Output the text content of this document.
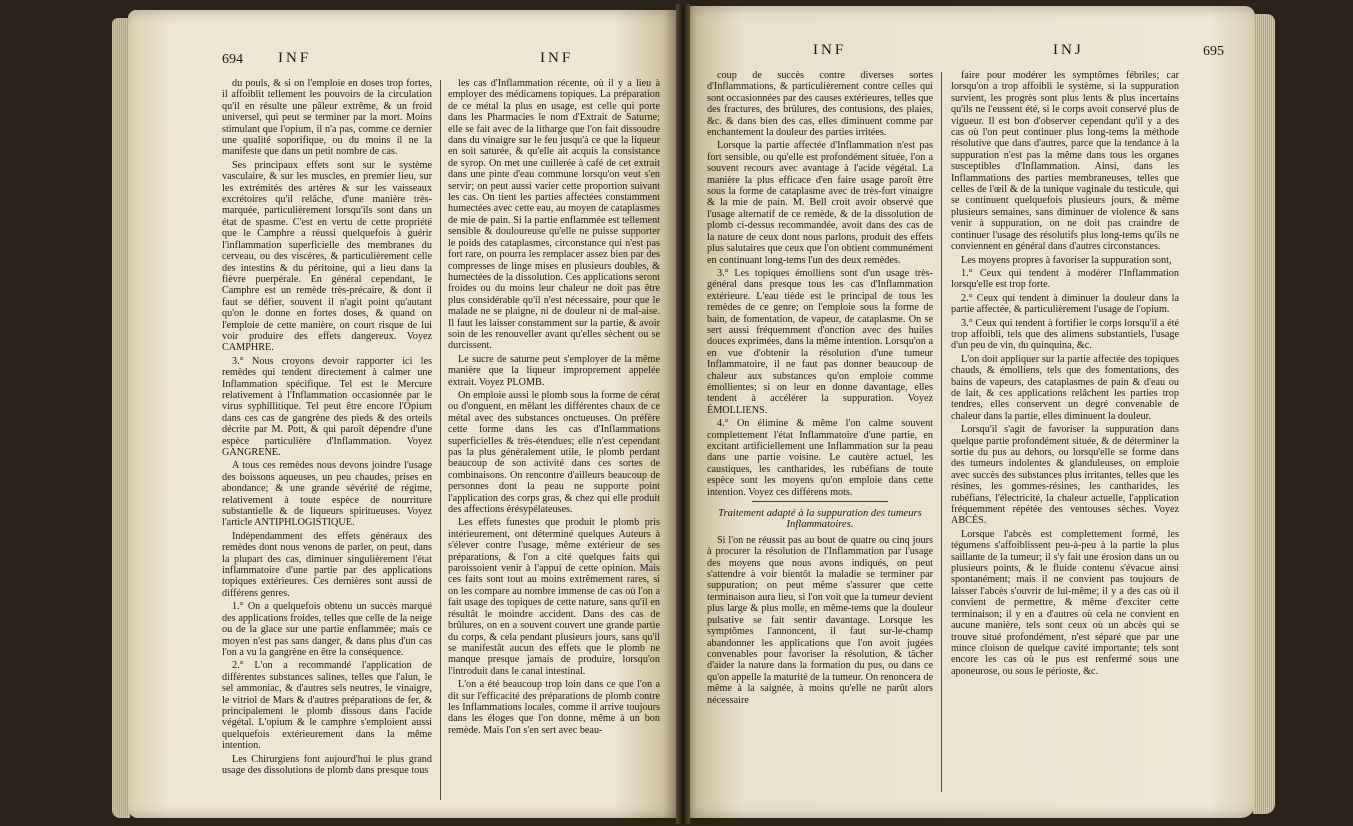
694 INF	INF

du pouls, & si on l'emploie en doses trop fortes, il affoiblit tellement les pouvoirs de la circulation qu'il en résulte une pâleur extrême, & un froid universel, qui peut se terminer par la mort. Moins stimulant que l'opium, il n'a pas, comme ce dernier une qualité soporifique, ou du moins il ne la manifeste que dans un petit nombre de cas.

Ses principaux effets sont sur le système vasculaire, & sur les muscles, en premier lieu, sur les extrémités des artères & sur les vaisseaux excrétoires qu'il relâche, d'une manière très-marquée, particulièrement lorsqu'ils sont dans un état de spasme. C'est en vertu de cette propriété que le Camphre a réussi quelquefois à guérir l'inflammation superficielle des membranes du cerveau, ou des viscères, & particulièrement celle des intestins & du péritoine, qui a lieu dans la fièvre puerpérale. En général cependant, le Camphre est un remède très-précaire, & dont il faut se défier, souvent il n'agit point qu'autant qu'on le donne en fortes doses, & quand on l'emploie de cette manière, on court risque de lui voir produire des effets dangereux. Voyez CAMPHRE.

3.° Nous croyons devoir rapporter ici les remèdes qui tendent directement à calmer une Inflammation spécifique. Tel est le Mercure relativement à l'Inflammation occasionnée par le virus syphillitique. Tel peut être encore l'Opium dans ces cas de gangrène des pieds & des orteils décrite par M. Pott, & qui paroît dépendre d'une espèce particulière d'Inflammation. Voyez GANGRENE.

A tous ces remèdes nous devons joindre l'usage des boissons aqueuses, un peu chaudes, prises en abondance; & une grande sévérité de régime, relativement à toute espèce de nourriture substantielle & de liqueurs spiritueuses. Voyez l'article ANTIPHLOGISTIQUE.

Indépendamment des effets généraux des remèdes dont nous venons de parler, on peut, dans la plupart des cas, diminuer singulièrement l'état inflammatoire d'une partie par des applications topiques extérieures. Ces dernières sont aussi de différens genres.

1.° On a quelquefois obtenu un succès marqué des applications froides, telles que celle de la neige ou de la glace sur une partie enflammée; mais ce moyen n'est pas sans danger, & dans plus d'un cas l'on a vu la gangrène en être la conséquence.

2.° L'on a recommandé l'application de différentes substances salines, telles que l'alun, le sel ammoniac, & d'autres sels neutres, le vinaigre, le vitriol de Mars & d'autres préparations de fer, & principalement le plomb dissous dans l'acide végétal. L'opium & le camphre s'emploient aussi quelquefois extérieurement dans la même intention.

Les Chirurgiens font aujourd'hui le plus grand usage des dissolutions de plomb dans presque tous

les cas d'Inflammation récente, où il y a lieu à employer des médicamens topiques. La préparation de ce métal la plus en usage, est celle qui porte dans les Pharmacies le nom d'Extrait de Saturne; elle se fait avec de la litharge que l'on fait dissoudre dans du vinaigre sur le feu jusqu'à ce que la liqueur en soit saturée, & qu'elle ait acquis la consistance de syrop. On met une cuillerée à café de cet extrait dans une pinte d'eau commune lorsqu'on veut s'en servir; on peut aussi varier cette proportion suivant les cas. On tient les parties affectées constamment humectées avec cette eau, au moyen de cataplasmes de mie de pain. Si la partie enflammée est tellement sensible & douloureuse qu'elle ne puisse supporter le poids des cataplasmes, circonstance qui n'est pas fort rare, on pourra les remplacer assez bien par des compresses de linge mises en plusieurs doubles, & humectées de la dissolution. Ces applications seront froides ou du moins leur chaleur ne doit pas être plus considérable qu'il n'est nécessaire, pour que le malade ne se plaigne, ni de douleur ni de mal-aise. Il faut les laisser constamment sur la partie, & avoir soin de les renouveller avant qu'elles sèchent ou se durcissent.

Le sucre de saturne peut s'employer de la même manière que la liqueur improprement appelée extrait. Voyez PLOMB.

On emploie aussi le plomb sous la forme de cérat ou d'onguent, en mêlant les différentes chaux de ce métal avec des substances onctueuses. On préfère cette forme dans les cas d'Inflammations superficielles & très-étendues; elle n'est cependant pas la plus généralement utile, le plomb perdant beaucoup de son activité dans ces sortes de combinaisons. On rencontre d'ailleurs beaucoup de personnes dont la peau ne supporte point l'application des corps gras, & chez qui elle produit des affections érésypélateuses.

Les effets funestes que produit le plomb pris intérieurement, ont déterminé quelques Auteurs à s'élever contre l'usage, même extérieur de ses préparations, & l'on a cité quelques faits qui paroissoient venir à l'appui de cette opinion. Mais ces faits sont tout au moins extrêmement rares, si on les compare au nombre immense de cas où l'on a fait usage des topiques de cette nature, sans qu'il en résultât le moindre accident. Dans des cas de brûlures, on en a souvent couvert une grande partie du corps, & cela pendant plusieurs jours, sans qu'il se manifestât aucun des effets que le plomb ne manque presque jamais de produire, lorsqu'on l'introduit dans le canal intestinal.

L'on a été beaucoup trop loin dans ce que l'on a dit sur l'efficacité des préparations de plomb contre les Inflammations locales, comme il arrive toujours dans les éloges que l'on donne, même à un bon remède. Mais l'on s'en sert avec beau-

INF	INJ	695

coup de succès contre diverses sortes d'Inflammations, & particulièrement contre celles qui sont occasionnées par des causes extérieures, telles que des fractures, des brûlures, des contusions, des plaies, &c. & dans bien des cas, elles diminuent comme par enchantement la douleur des parties irritées.

Lorsque la partie affectée d'Inflammation n'est pas fort sensible, ou qu'elle est profondément située, l'on a souvent recours avec avantage à l'acide végétal. La manière la plus efficace d'en faire usage paroît être sous la forme de cataplasme avec de très-fort vinaigre & la mie de pain. M. Bell croit avoir observé que l'usage alternatif de ce remède, & de la dissolution de plomb ci-dessus recommandée, avoit dans des cas de la nature de ceux dont nous parlons, produit des effets plus salutaires que ceux que l'on obtient communément en continuant long-tems l'un des deux remèdes.

3.° Les topiques émolliens sont d'un usage très-général dans presque tous les cas d'Inflammation extérieure. L'eau tiède est le principal de tous les remèdes de ce genre; on l'emploie sous la forme de bain, de fomentation, de vapeur, de cataplasme. On se sert aussi fréquemment d'onction avec des huiles douces exprimées, dans la même intention. Lorsqu'on a en vue d'obtenir la résolution d'une tumeur Inflammatoire, il ne faut pas donner beaucoup de chaleur aux substances qu'on emploie comme émollientes; si on leur en donne davantage, elles tendent à accélérer la suppuration. Voyez ÉMOLLIENS.

4.° On élimine & même l'on calme souvent complettement l'état Inflammatoire d'une partie, en excitant artificiellement une Inflammation sur la peau dans une partie voisine. Le cautère actuel, les caustiques, les cantharides, les rubéfians de toute espèce sont les moyens qu'on emploie dans cette intention. Voyez ces différens mots.

Traitement adapté à la suppuration des tumeurs Inflammatoires.

Si l'on ne réussit pas au bout de quatre ou cinq jours à procurer la résolution de l'Inflammation par l'usage des moyens que nous avons indiqués, on peut s'attendre à voir bientôt la maladie se terminer par suppuration; on peut même s'assurer que cette terminaison aura lieu, si l'on voit que la tumeur devient plus large & plus molle, en même-tems que la douleur pulsative se fait sentir davantage. Lorsque les symptômes l'annoncent, il faut sur-le-champ abandonner les applications que l'on avoit jugées convenables pour favoriser la résolution, & tâcher d'aider la nature dans la formation du pus, ou dans ce qu'on appelle la maturité de la tumeur. On renoncera de même à la saignée, à moins qu'elle ne parût alors nécessaire

faire pour modérer les symptômes fébriles; car lorsqu'on a trop affoibli le système, si la suppuration survient, les progrès sont plus lents & plus incertains qu'ils ne l'eussent été, si le corps avoit conservé plus de vigueur. Il est bon d'observer cependant qu'il y a des cas où l'on peut continuer plus long-tems la méthode résolutive que dans d'autres, parce que la tendance à la suppuration n'est pas la même dans tous les organes susceptibles d'Inflammation. Ainsi, dans les Inflammations des parties membraneuses, telles que celles de l'œil & de la tunique vaginale du testicule, qui se continuent quelquefois plusieurs jours, & même plusieurs semaines, sans diminuer de violence & sans venir à suppuration, on ne doit pas craindre de continuer l'usage des résolutifs plus long-tems qu'ils ne conviennent en général dans d'autres circonstances.

Les moyens propres à favoriser la suppuration sont,

1.° Ceux qui tendent à modérer l'Inflammation lorsqu'elle est trop forte.

2.° Ceux qui tendent à diminuer la douleur dans la partie affectée, & particulièrement l'usage de l'opium.

3.° Ceux qui tendent à fortifier le corps lorsqu'il a été trop affoibli, tels que des alimens substantiels, l'usage d'un peu de vin, du quinquina, &c.

L'on doit appliquer sur la partie affectée des topiques chauds, & émolliens, tels que des fomentations, des bains de vapeurs, des cataplasmes de pain & d'eau ou de lait, & ces applications relâchent les parties trop tendres, elles conservent un degré convenable de chaleur dans la partie, elles diminuent la douleur.

Lorsqu'il s'agit de favoriser la suppuration dans quelque partie profondément située, & de déterminer la sortie du pus au dehors, ou lorsqu'elle se forme dans des tumeurs indolentes & glanduleuses, on emploie avec succès des substances plus irritantes, telles que les résines, les gommes-résines, les cantharides, les rubéfians, l'électricité, la chaleur actuelle, l'application fréquemment répétée des ventouses sèches. Voyez ABCÈS.

Lorsque l'abcès est complettement formé, les tégumens s'affoiblissent peu-à-peu à la partie la plus saillante de la tumeur; il s'y fait une érosion dans un ou plusieurs points, & le fluide contenu s'évacue ainsi spontanément; mais il ne convient pas toujours de laisser l'abcès s'ouvrir de lui-même; il y a des cas où il convient de permettre, & même d'exciter cette terminaison; il y en a d'autres où cela ne convient en aucune manière, tels sont ceux où un abcès qui se trouve situé profondément, n'est séparé que par une mince cloison de quelque cavité importante; tels sont encore les cas où le pus est renfermé sous une aponeurose, ou sous le périoste, &c.
